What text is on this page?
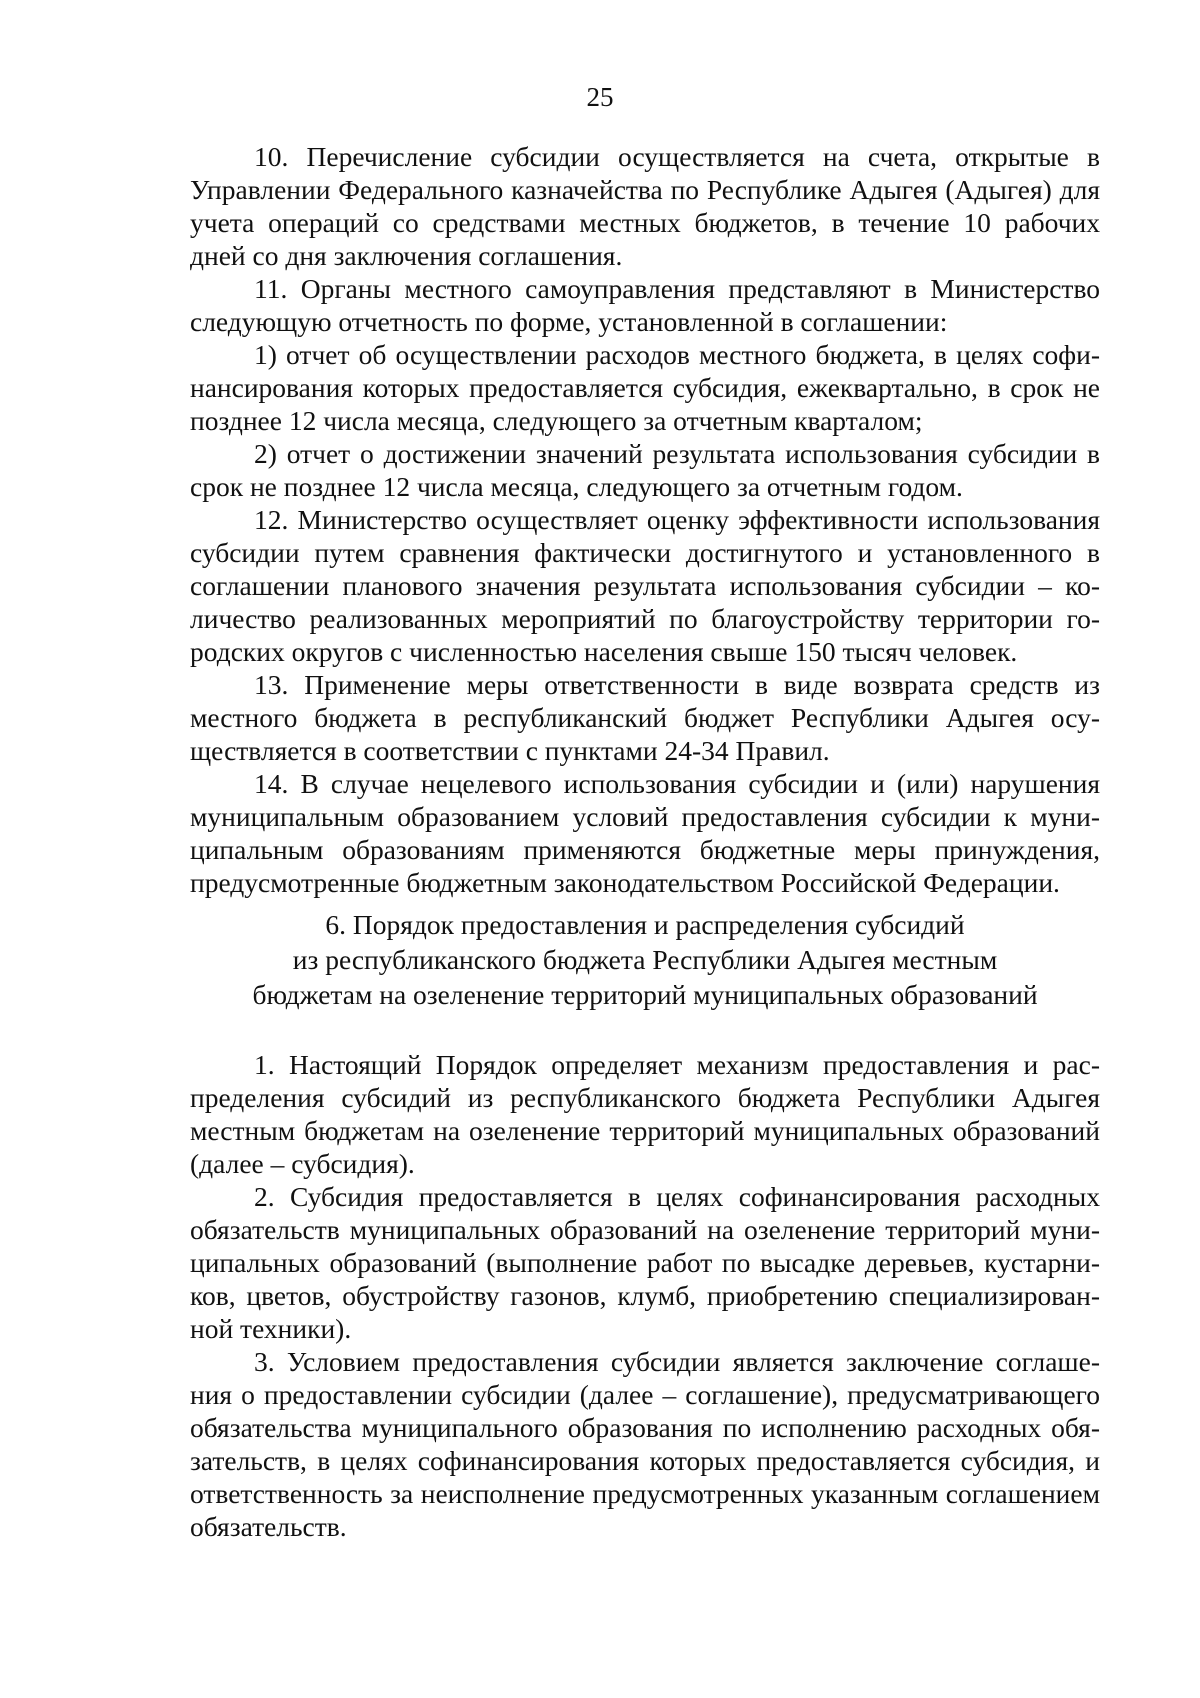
25

10. Перечисление субсидии осуществляется на счета, открытые в Управлении Федерального казначейства по Республике Адыгея (Адыгея) для учета операций со средствами местных бюджетов, в течение 10 рабочих дней со дня заключения соглашения.

11. Органы местного самоуправления представляют в Министерство следующую отчетность по форме, установленной в соглашении:

1) отчет об осуществлении расходов местного бюджета, в целях софинансирования которых предоставляется субсидия, ежеквартально, в срок не позднее 12 числа месяца, следующего за отчетным кварталом;

2) отчет о достижении значений результата использования субсидии в срок не позднее 12 числа месяца, следующего за отчетным годом.

12. Министерство осуществляет оценку эффективности использования субсидии путем сравнения фактически достигнутого и установленного в соглашении планового значения результата использования субсидии – количество реализованных мероприятий по благоустройству территории городских округов с численностью населения свыше 150 тысяч человек.

13. Применение меры ответственности в виде возврата средств из местного бюджета в республиканский бюджет Республики Адыгея осуществляется в соответствии с пунктами 24-34 Правил.

14. В случае нецелевого использования субсидии и (или) нарушения муниципальным образованием условий предоставления субсидии к муниципальным образованиям применяются бюджетные меры принуждения, предусмотренные бюджетным законодательством Российской Федерации.

6. Порядок предоставления и распределения субсидий
из республиканского бюджета Республики Адыгея местным
бюджетам на озеленение территорий муниципальных образований

1. Настоящий Порядок определяет механизм предоставления и распределения субсидий из республиканского бюджета Республики Адыгея местным бюджетам на озеленение территорий муниципальных образований (далее – субсидия).

2. Субсидия предоставляется в целях софинансирования расходных обязательств муниципальных образований на озеленение территорий муниципальных образований (выполнение работ по высадке деревьев, кустарников, цветов, обустройству газонов, клумб, приобретению специализированной техники).

3. Условием предоставления субсидии является заключение соглашения о предоставлении субсидии (далее – соглашение), предусматривающего обязательства муниципального образования по исполнению расходных обязательств, в целях софинансирования которых предоставляется субсидия, и ответственность за неисполнение предусмотренных указанным соглашением обязательств.
